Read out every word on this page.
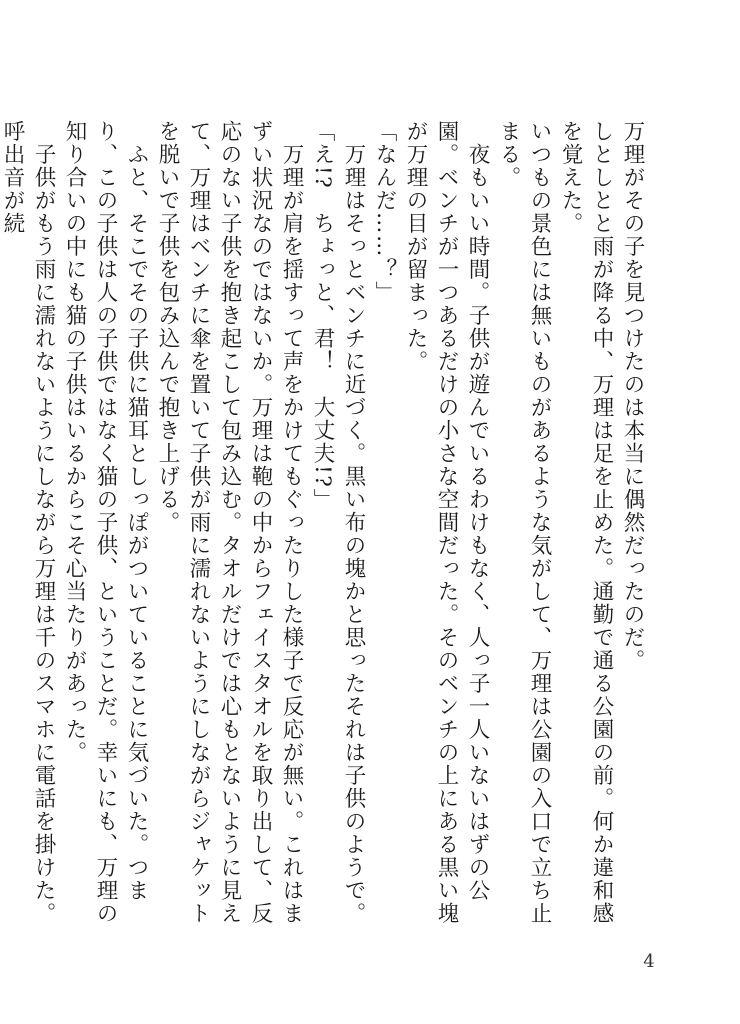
万理がその子を見つけたのは本当に偶然だったのだ。

しとしとと雨が降る中、万理は足を止めた。通勤で通る公園の前。何か違和感を覚えた。

いつもの景色には無いものがあるような気がして、万理は公園の入口で立ち止まる。

　夜もいい時間。子供が遊んでいるわけもなく、人っ子一人いないはずの公園。ベンチが一つあるだけの小さな空間だった。そのベンチの上にある黒い塊が万理の目が留まった。

「なんだ……？」

　万理はそっとベンチに近づく。黒い布の塊かと思ったそれは子供のようで。

「え!?　ちょっと、君！　大丈夫!?」

　万理が肩を揺すって声をかけてもぐったりした様子で反応が無い。これはまずい状況なのではないか。万理は鞄の中からフェイスタオルを取り出して、反応のない子供を抱き起こして包み込む。タオルだけでは心もとないように見えて、万理はベンチに傘を置いて子供が雨に濡れないようにしながらジャケットを脱いで子供を包み込んで抱き上げる。

　ふと、そこでその子供に猫耳としっぽがついていることに気づいた。つまり、この子供は人の子供ではなく猫の子供、ということだ。幸いにも、万理の知り合いの中にも猫の子供はいるからこそ心当たりがあった。

　子供がもう雨に濡れないようにしながら万理は千のスマホに電話を掛けた。呼出音が続

4
